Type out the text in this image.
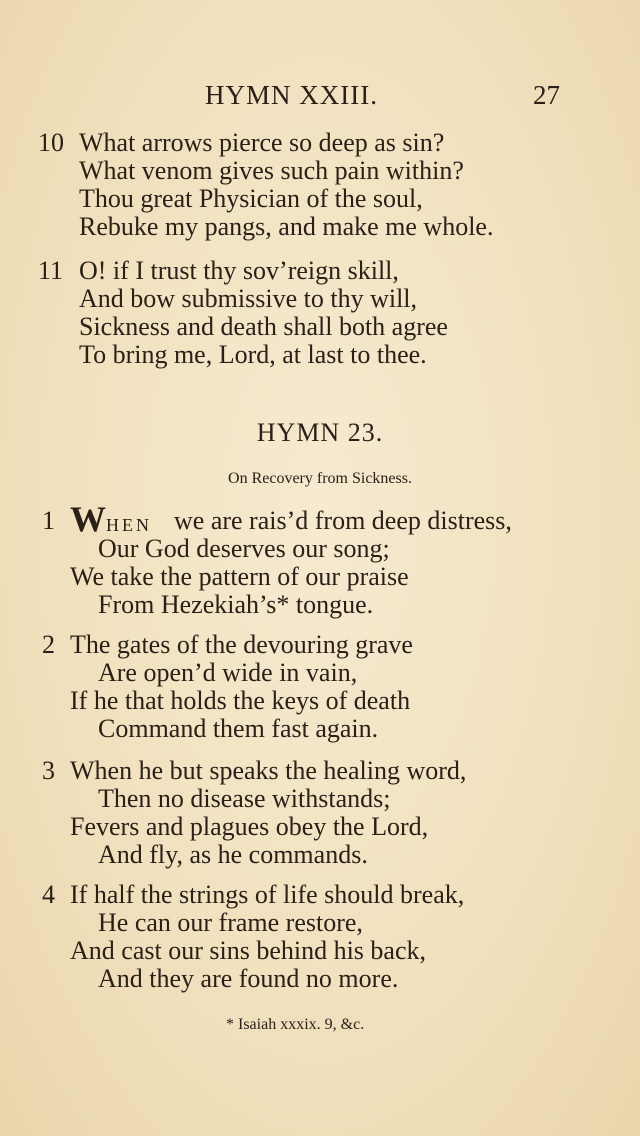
HYMN XXIII.	27
10 What arrows pierce so deep as sin?
What venom gives such pain within?
Thou great Physician of the soul,
Rebuke my pangs, and make me whole.
11 O! if I trust thy sov’reign skill,
And bow submissive to thy will,
Sickness and death shall both agree
To bring me, Lord, at last to thee.
HYMN 23.
On Recovery from Sickness.
1 WHEN we are rais’d from deep distress,
Our God deserves our song;
We take the pattern of our praise
From Hezekiah’s* tongue.
2 The gates of the devouring grave
Are open’d wide in vain,
If he that holds the keys of death
Command them fast again.
3 When he but speaks the healing word,
Then no disease withstands;
Fevers and plagues obey the Lord,
And fly, as he commands.
4 If half the strings of life should break,
He can our frame restore,
And cast our sins behind his back,
And they are found no more.
* Isaiah xxxix. 9, &c.
